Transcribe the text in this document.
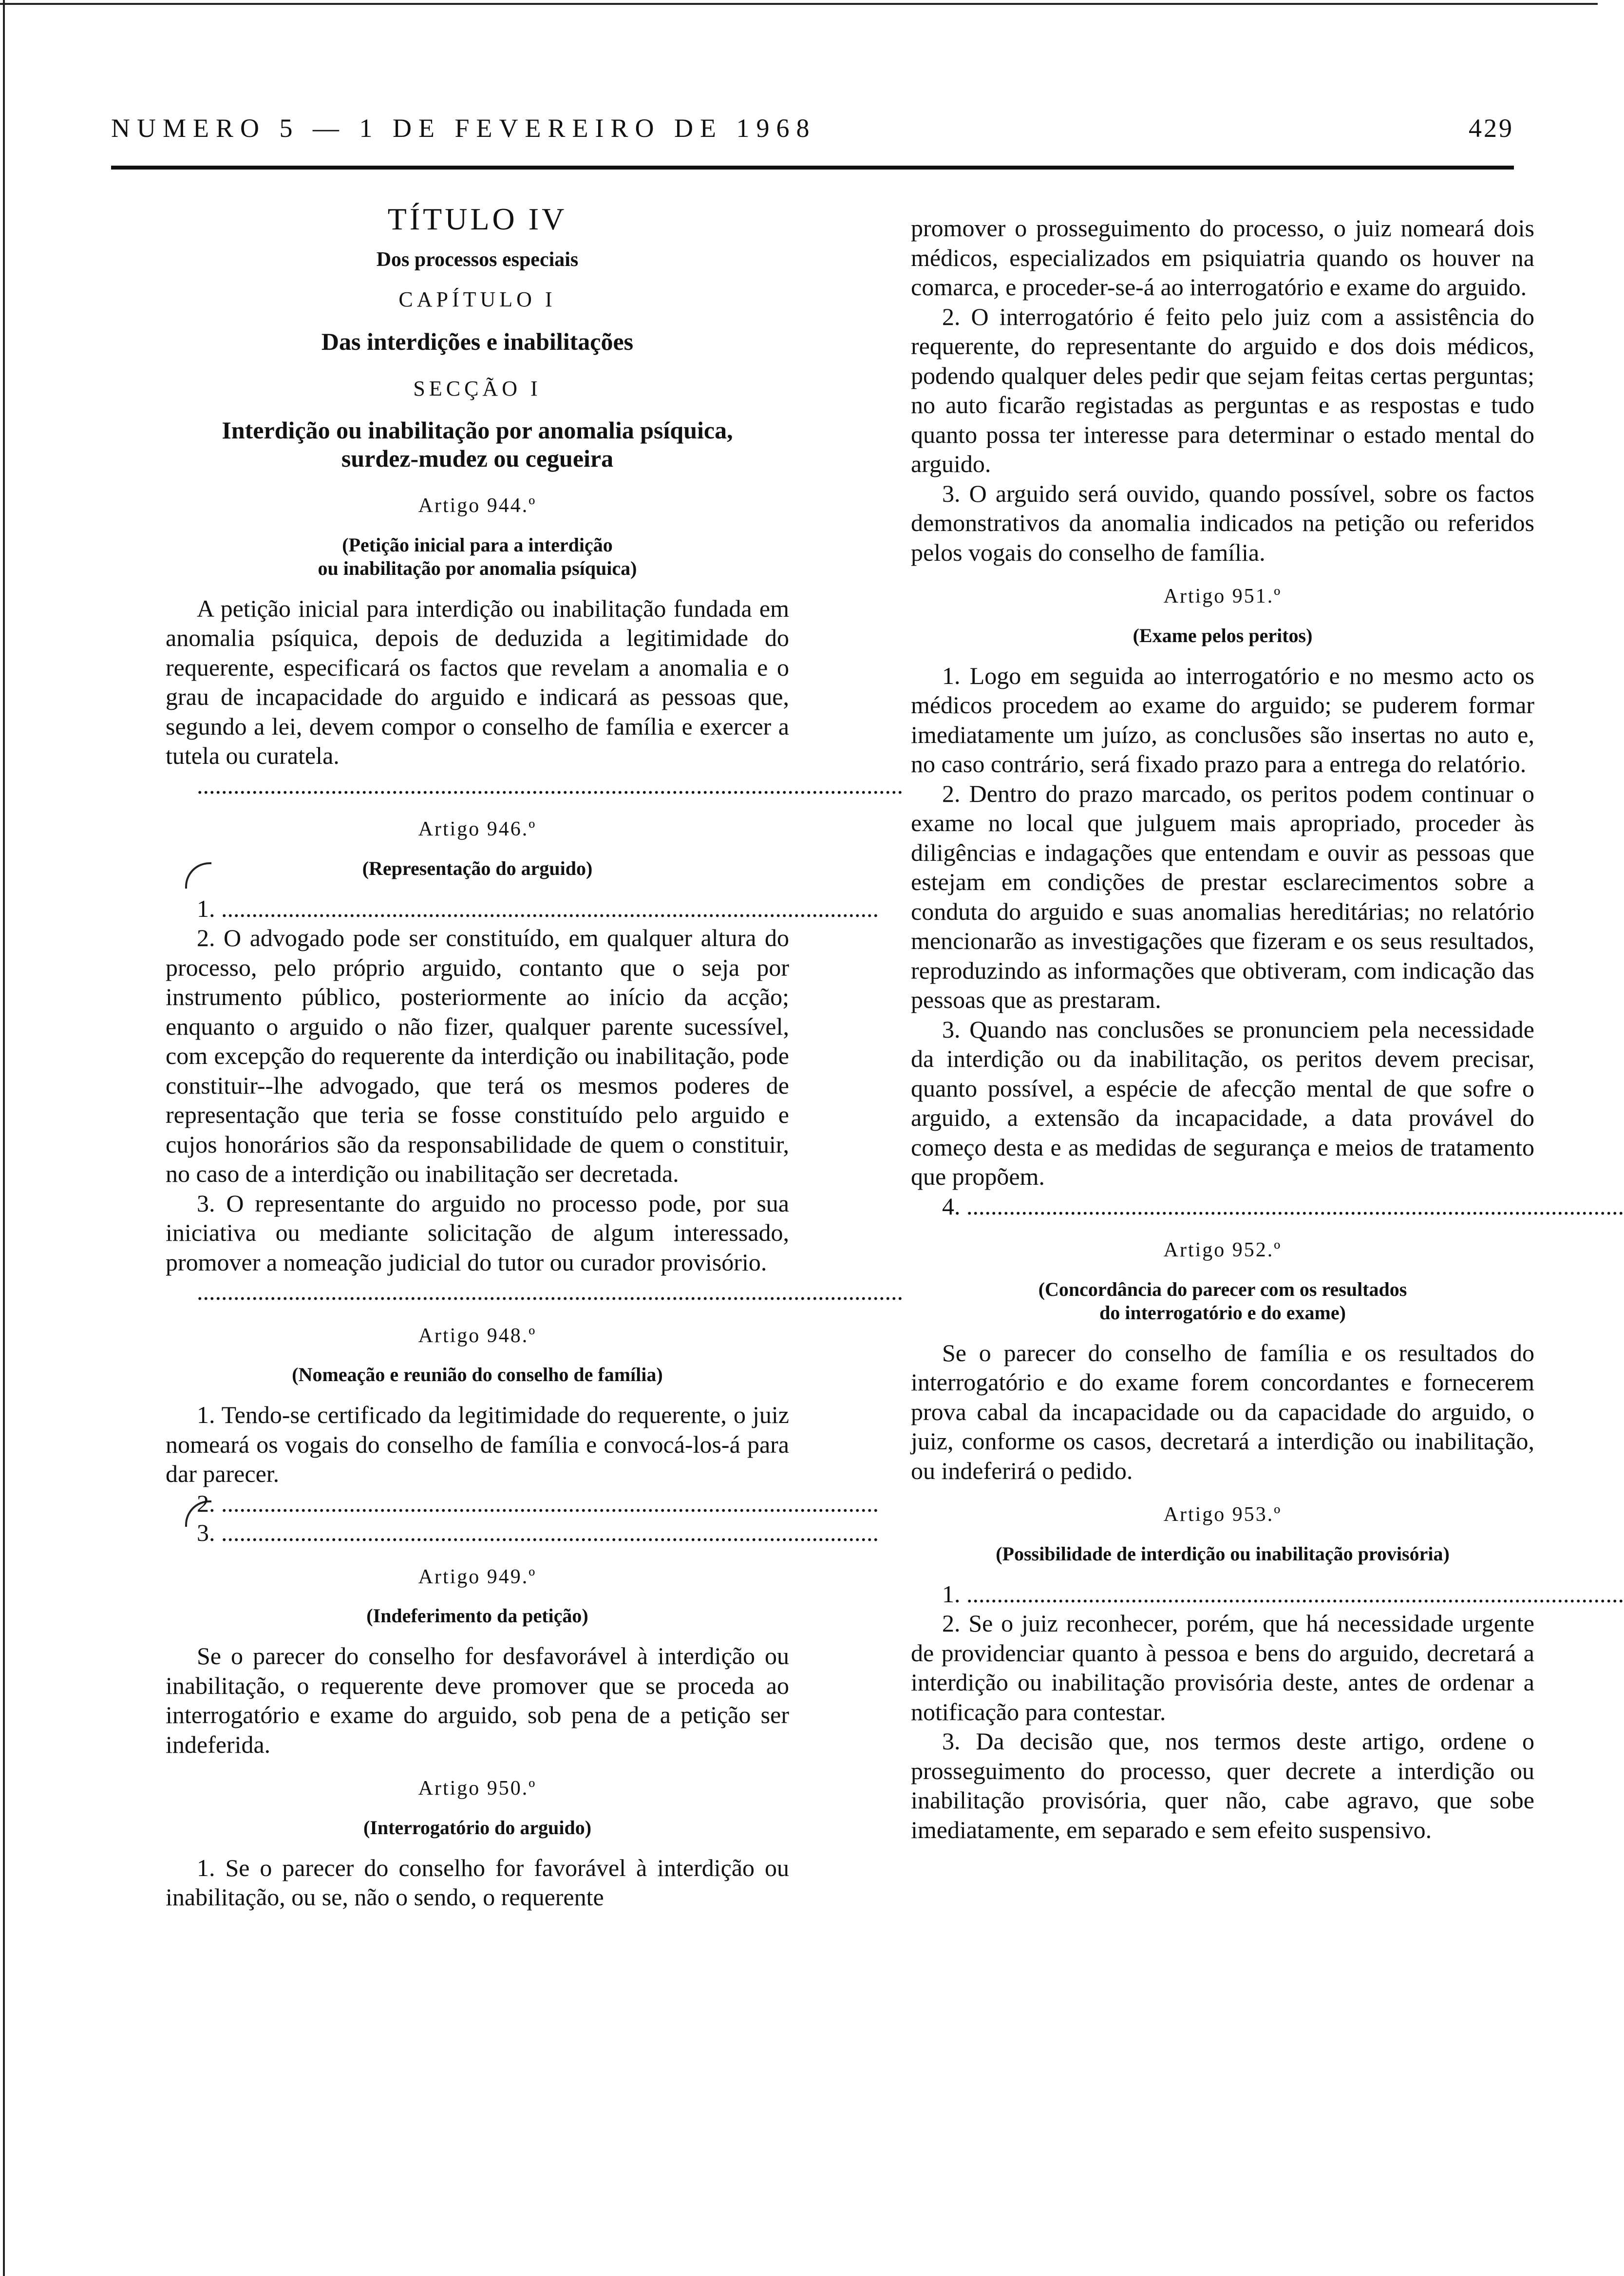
NUMERO 5 — 1 DE FEVEREIRO DE 1968	429
TÍTULO IV
Dos processos especiais
CAPÍTULO I
Das interdições e inabilitações
SECÇÃO I
Interdição ou inabilitação por anomalia psíquica,
surdez-mudez ou cegueira
Artigo 944.º
(Petição inicial para a interdição
ou inabilitação por anomalia psíquica)

A petição inicial para interdição ou inabilitação fundada em anomalia psíquica, depois de deduzida a legitimidade do requerente, especificará os factos que revelam a anomalia e o grau de incapacidade do arguido e indicará as pessoas que, segundo a lei, devem compor o conselho de família e exercer a tutela ou curatela.

....................................................................................................................
Artigo 946.º
(Representação do arguido)
1. ............................................................................................................

2. O advogado pode ser constituído, em qualquer altura do processo, pelo próprio arguido, contanto que o seja por instrumento público, posteriormente ao início da acção; enquanto o arguido o não fizer, qualquer parente sucessível, com excepção do requerente da interdição ou inabilitação, pode constituir--lhe advogado, que terá os mesmos poderes de representação que teria se fosse constituído pelo arguido e cujos honorários são da responsabilidade de quem o constituir, no caso de a interdição ou inabilitação ser decretada.

3. O representante do arguido no processo pode, por sua iniciativa ou mediante solicitação de algum interessado, promover a nomeação judicial do tutor ou curador provisório.

....................................................................................................................
Artigo 948.º
(Nomeação e reunião do conselho de família)

1. Tendo-se certificado da legitimidade do requerente, o juiz nomeará os vogais do conselho de família e convocá-los-á para dar parecer.

2. ............................................................................................................
3. ............................................................................................................
Artigo 949.º
(Indeferimento da petição)

Se o parecer do conselho for desfavorável à interdição ou inabilitação, o requerente deve promover que se proceda ao interrogatório e exame do arguido, sob pena de a petição ser indeferida.

Artigo 950.º
(Interrogatório do arguido)

1. Se o parecer do conselho for favorável à interdição ou inabilitação, ou se, não o sendo, o requerente

promover o prosseguimento do processo, o juiz nomeará dois médicos, especializados em psiquiatria quando os houver na comarca, e proceder-se-á ao interrogatório e exame do arguido.

2. O interrogatório é feito pelo juiz com a assistência do requerente, do representante do arguido e dos dois médicos, podendo qualquer deles pedir que sejam feitas certas perguntas; no auto ficarão registadas as perguntas e as respostas e tudo quanto possa ter interesse para determinar o estado mental do arguido.

3. O arguido será ouvido, quando possível, sobre os factos demonstrativos da anomalia indicados na petição ou referidos pelos vogais do conselho de família.

Artigo 951.º
(Exame pelos peritos)

1. Logo em seguida ao interrogatório e no mesmo acto os médicos procedem ao exame do arguido; se puderem formar imediatamente um juízo, as conclusões são insertas no auto e, no caso contrário, será fixado prazo para a entrega do relatório.

2. Dentro do prazo marcado, os peritos podem continuar o exame no local que julguem mais apropriado, proceder às diligências e indagações que entendam e ouvir as pessoas que estejam em condições de prestar esclarecimentos sobre a conduta do arguido e suas anomalias hereditárias; no relatório mencionarão as investigações que fizeram e os seus resultados, reproduzindo as informações que obtiveram, com indicação das pessoas que as prestaram.

3. Quando nas conclusões se pronunciem pela necessidade da interdição ou da inabilitação, os peritos devem precisar, quanto possível, a espécie de afecção mental de que sofre o arguido, a extensão da incapacidade, a data provável do começo desta e as medidas de segurança e meios de tratamento que propõem.

4. ............................................................................................................
Artigo 952.º
(Concordância do parecer com os resultados
do interrogatório e do exame)

Se o parecer do conselho de família e os resultados do interrogatório e do exame forem concordantes e fornecerem prova cabal da incapacidade ou da capacidade do arguido, o juiz, conforme os casos, decretará a interdição ou inabilitação, ou indeferirá o pedido.

Artigo 953.º
(Possibilidade de interdição ou inabilitação provisória)
1. ............................................................................................................

2. Se o juiz reconhecer, porém, que há necessidade urgente de providenciar quanto à pessoa e bens do arguido, decretará a interdição ou inabilitação provisória deste, antes de ordenar a notificação para contestar.

3. Da decisão que, nos termos deste artigo, ordene o prosseguimento do processo, quer decrete a interdição ou inabilitação provisória, quer não, cabe agravo, que sobe imediatamente, em separado e sem efeito suspensivo.
